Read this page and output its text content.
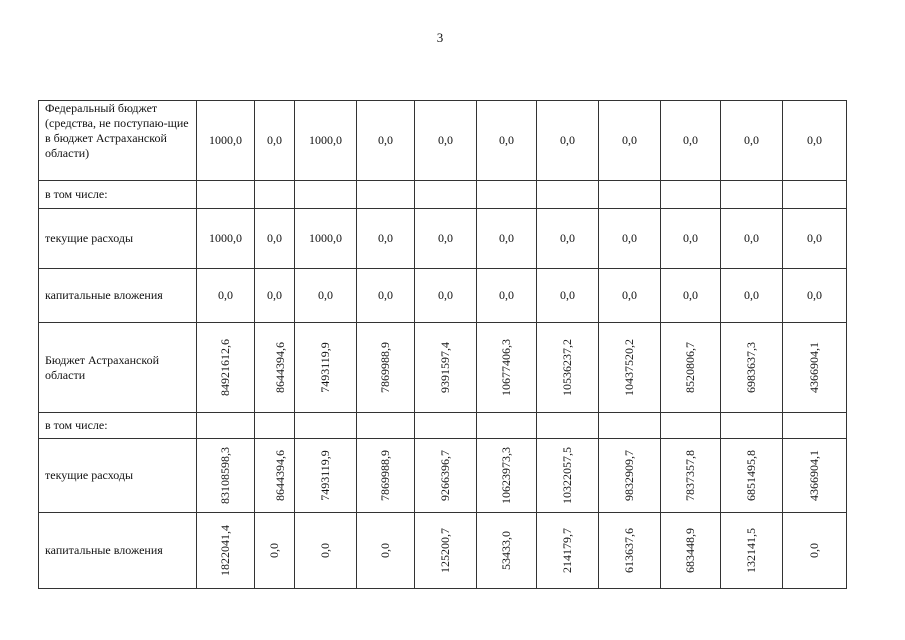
3
Федеральный бюджет (средства, не поступаю-щие в бюджет Астраханской области)	1000,0	0,0	1000,0	0,0	0,0	0,0	0,0	0,0	0,0	0,0	0,0
в том числе:											
текущие расходы	1000,0	0,0	1000,0	0,0	0,0	0,0	0,0	0,0	0,0	0,0	0,0
капитальные вложения	0,0	0,0	0,0	0,0	0,0	0,0	0,0	0,0	0,0	0,0	0,0
Бюджет Астраханской области	84921612,6	8644394,6	7493119,9	7869988,9	9391597,4	10677406,3	10536237,2	10437520,2	8520806,7	6983637,3	4366904,1
в том числе:											
текущие расходы	83108598,3	8644394,6	7493119,9	7869988,9	9266396,7	10623973,3	10322057,5	9832909,7	7837357,8	6851495,8	4366904,1
капитальные вложения	1822041,4	0,0	0,0	0,0	125200,7	53433,0	214179,7	613637,6	683448,9	132141,5	0,0
